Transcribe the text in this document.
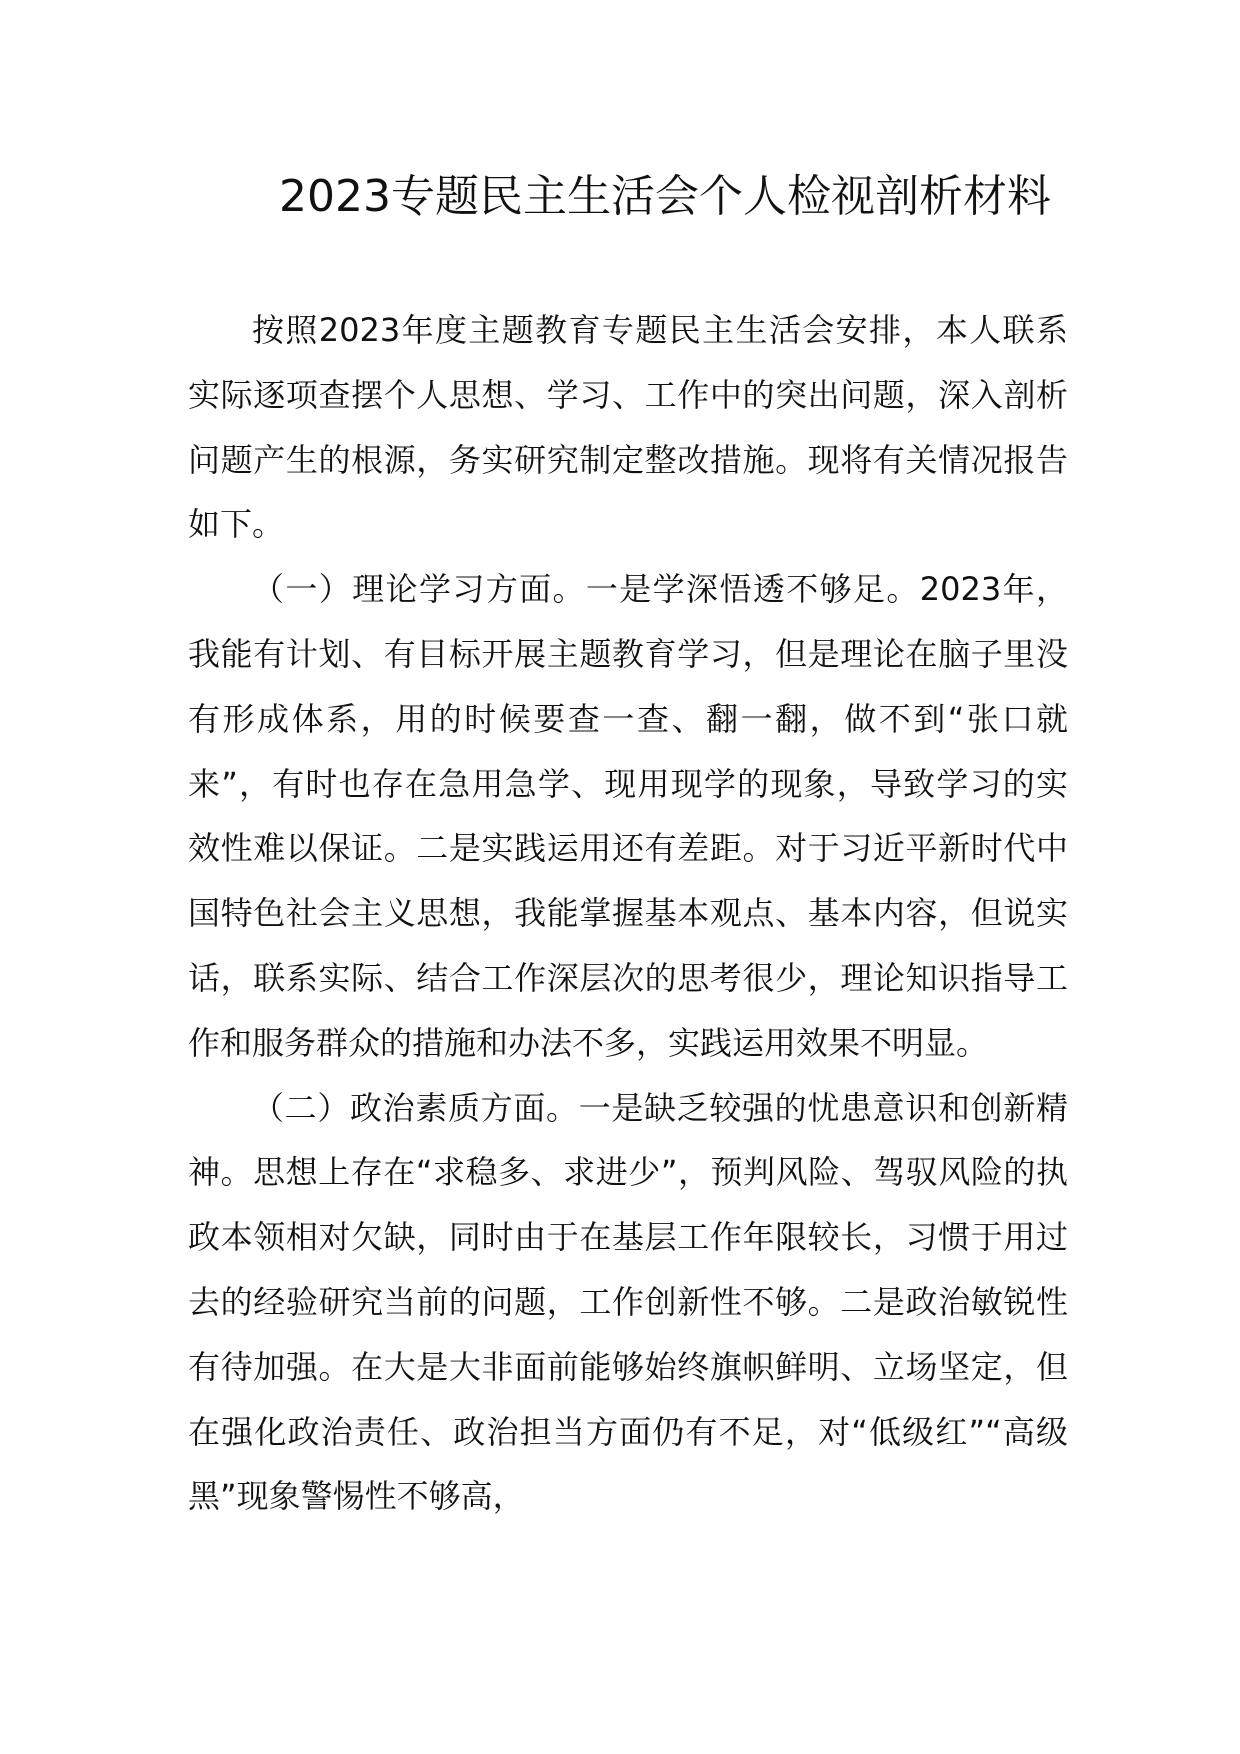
2023专题民主生活会个人检视剖析材料

按照2023年度主题教育专题民主生活会安排，本人联系实际逐项查摆个人思想、学习、工作中的突出问题，深入剖析问题产生的根源，务实研究制定整改措施。现将有关情况报告如下。

（一）理论学习方面。一是学深悟透不够足。2023年，我能有计划、有目标开展主题教育学习，但是理论在脑子里没有形成体系，用的时候要查一查、翻一翻，做不到“张口就来”，有时也存在急用急学、现用现学的现象，导致学习的实效性难以保证。二是实践运用还有差距。对于习近平新时代中国特色社会主义思想，我能掌握基本观点、基本内容，但说实话，联系实际、结合工作深层次的思考很少，理论知识指导工作和服务群众的措施和办法不多，实践运用效果不明显。

（二）政治素质方面。一是缺乏较强的忧患意识和创新精神。思想上存在“求稳多、求进少”，预判风险、驾驭风险的执政本领相对欠缺，同时由于在基层工作年限较长，习惯于用过去的经验研究当前的问题，工作创新性不够。二是政治敏锐性有待加强。在大是大非面前能够始终旗帜鲜明、立场坚定，但在强化政治责任、政治担当方面仍有不足，对“低级红”“高级黑”现象警惕性不够高，
